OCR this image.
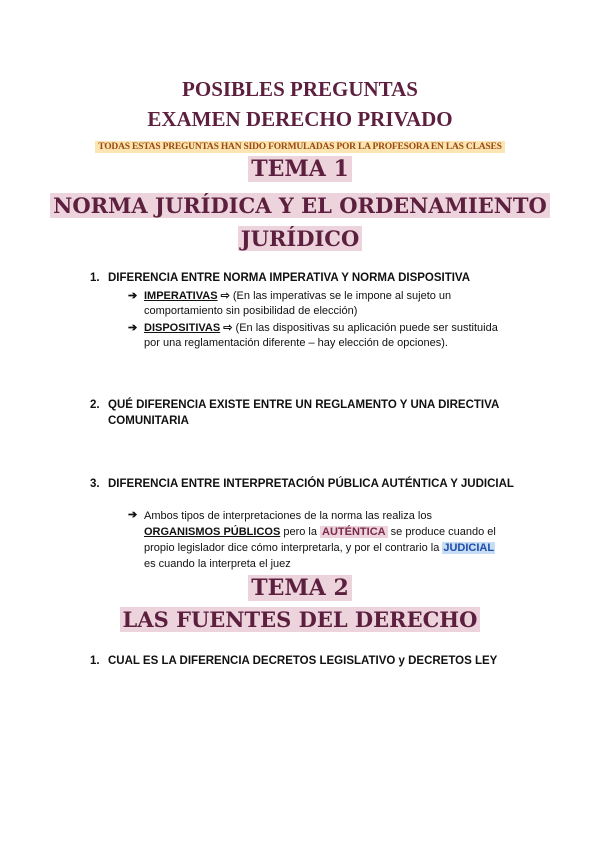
POSIBLES PREGUNTAS
EXAMEN DERECHO PRIVADO
TODAS ESTAS PREGUNTAS HAN SIDO FORMULADAS POR LA PROFESORA EN LAS CLASES
TEMA 1
NORMA JURÍDICA Y EL ORDENAMIENTO
JURÍDICO
1. DIFERENCIA ENTRE NORMA IMPERATIVA Y NORMA DISPOSITIVA
➔ IMPERATIVAS ⇨ (En las imperativas se le impone al sujeto un comportamiento sin posibilidad de elección)
➔ DISPOSITIVAS ⇨ (En las dispositivas su aplicación puede ser sustituida por una reglamentación diferente – hay elección de opciones).
2. QUÉ DIFERENCIA EXISTE ENTRE UN REGLAMENTO Y UNA DIRECTIVA COMUNITARIA
3. DIFERENCIA ENTRE INTERPRETACIÓN PÚBLICA AUTÉNTICA Y JUDICIAL
➔ Ambos tipos de interpretaciones de la norma las realiza los ORGANISMOS PÚBLICOS pero la AUTÉNTICA se produce cuando el propio legislador dice cómo interpretarla, y por el contrario la JUDICIAL es cuando la interpreta el juez
TEMA 2
LAS FUENTES DEL DERECHO
1. CUAL ES LA DIFERENCIA DECRETOS LEGISLATIVO y DECRETOS LEY
